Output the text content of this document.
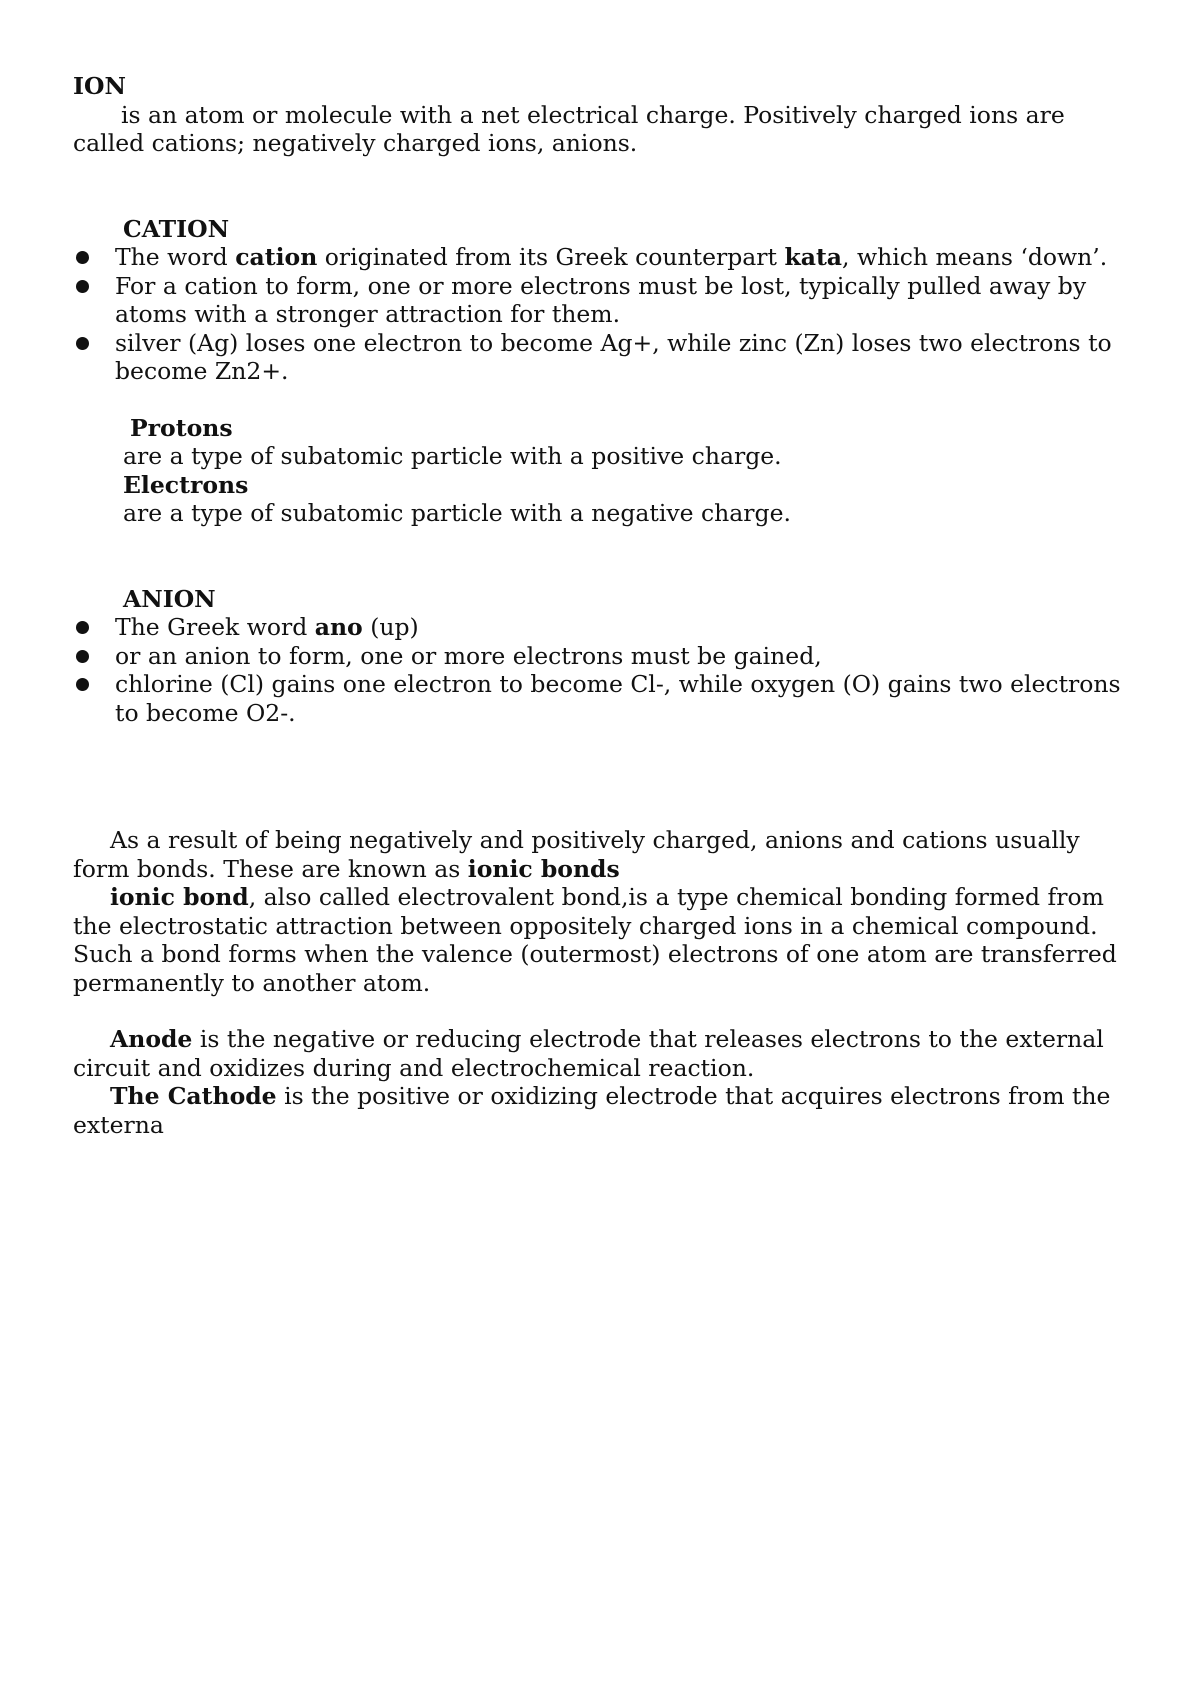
ION
is an atom or molecule with a net electrical charge. Positively charged ions are called cations; negatively charged ions, anions.
CATION
The word cation originated from its Greek counterpart kata, which means ‘down’.
For a cation to form, one or more electrons must be lost, typically pulled away by atoms with a stronger attraction for them.
silver (Ag) loses one electron to become Ag+, while zinc (Zn) loses two electrons to become Zn2+.
Protons
are a type of subatomic particle with a positive charge.
Electrons
are a type of subatomic particle with a negative charge.
ANION
The Greek word ano (up)
or an anion to form, one or more electrons must be gained,
chlorine (Cl) gains one electron to become Cl-, while oxygen (O) gains two electrons to become O2-.
As a result of being negatively and positively charged, anions and cations usually form bonds. These are known as ionic bonds
ionic bond, also called electrovalent bond,is a type chemical bonding formed from the electrostatic attraction between oppositely charged ions in a chemical compound. Such a bond forms when the valence (outermost) electrons of one atom are transferred permanently to another atom.
Anode is the negative or reducing electrode that releases electrons to the external circuit and oxidizes during and electrochemical reaction.
The Cathode is the positive or oxidizing electrode that acquires electrons from the externa
